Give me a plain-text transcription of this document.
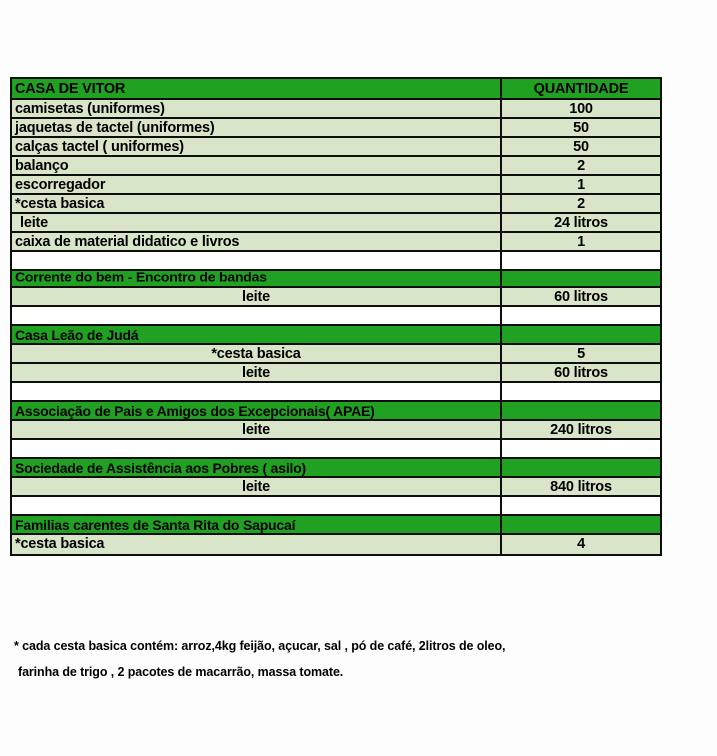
CASA DE VITOR	QUANTIDADE
camisetas (uniformes)	100
jaquetas de tactel (uniformes)	50
calças tactel ( uniformes)	50
balanço	2
escorregador	1
*cesta basica	2
leite	24 litros
caixa de material didatico e livros	1
Corrente do bem - Encontro de bandas
leite	60 litros
Casa Leão de Judá
*cesta basica	5
leite	60 litros
Associação de Pais e Amigos dos Excepcionais( APAE)
leite	240 litros
Sociedade de Assistência aos Pobres ( asilo)
leite	840 litros
Familias carentes de Santa Rita do Sapucaí
*cesta basica	4
* cada cesta basica contém: arroz,4kg feijão, açucar, sal , pó de café, 2litros de oleo,
farinha de trigo , 2 pacotes de macarrão, massa tomate.
